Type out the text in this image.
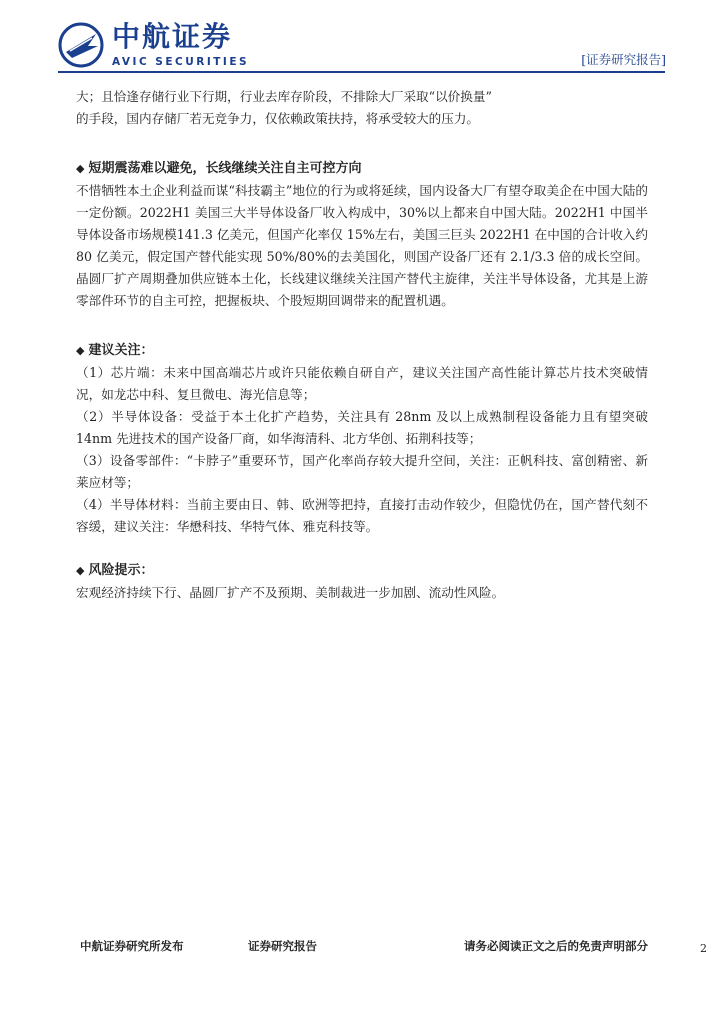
中航证券
AVIC SECURITIES	[证券研究报告]

大；且恰逢存储行业下行期，行业去库存阶段，不排除大厂采取“以价换量”

的手段，国内存储厂若无竞争力，仅依赖政策扶持，将承受较大的压力。

◆ 短期震荡难以避免，长线继续关注自主可控方向

不惜牺牲本土企业利益而谋“科技霸主”地位的行为或将延续，国内设备大厂有望夺取美企在中国大陆的一定份额。2022H1 美国三大半导体设备厂收入构成中，30%以上都来自中国大陆。2022H1 中国半导体设备市场规模141.3 亿美元，但国产化率仅 15%左右，美国三巨头 2022H1 在中国的合计收入约 80 亿美元，假定国产替代能实现 50%/80%的去美国化，则国产设备厂还有 2.1/3.3 倍的成长空间。晶圆厂扩产周期叠加供应链本土化，长线建议继续关注国产替代主旋律，关注半导体设备，尤其是上游零部件环节的自主可控，把握板块、个股短期回调带来的配置机遇。

◆ 建议关注：

（1）芯片端：未来中国高端芯片或许只能依赖自研自产，建议关注国产高性能计算芯片技术突破情况，如龙芯中科、复旦微电、海光信息等；

（2）半导体设备：受益于本土化扩产趋势，关注具有 28nm 及以上成熟制程设备能力且有望突破 14nm 先进技术的国产设备厂商，如华海清科、北方华创、拓荆科技等；

（3）设备零部件：“卡脖子”重要环节，国产化率尚存较大提升空间，关注：正帆科技、富创精密、新莱应材等；

（4）半导体材料：当前主要由日、韩、欧洲等把持，直接打击动作较少，但隐忧仍在，国产替代刻不容缓，建议关注：华懋科技、华特气体、雅克科技等。

◆ 风险提示：

宏观经济持续下行、晶圆厂扩产不及预期、美制裁进一步加剧、流动性风险。

中航证券研究所发布	证券研究报告	请务必阅读正文之后的免责声明部分	2
